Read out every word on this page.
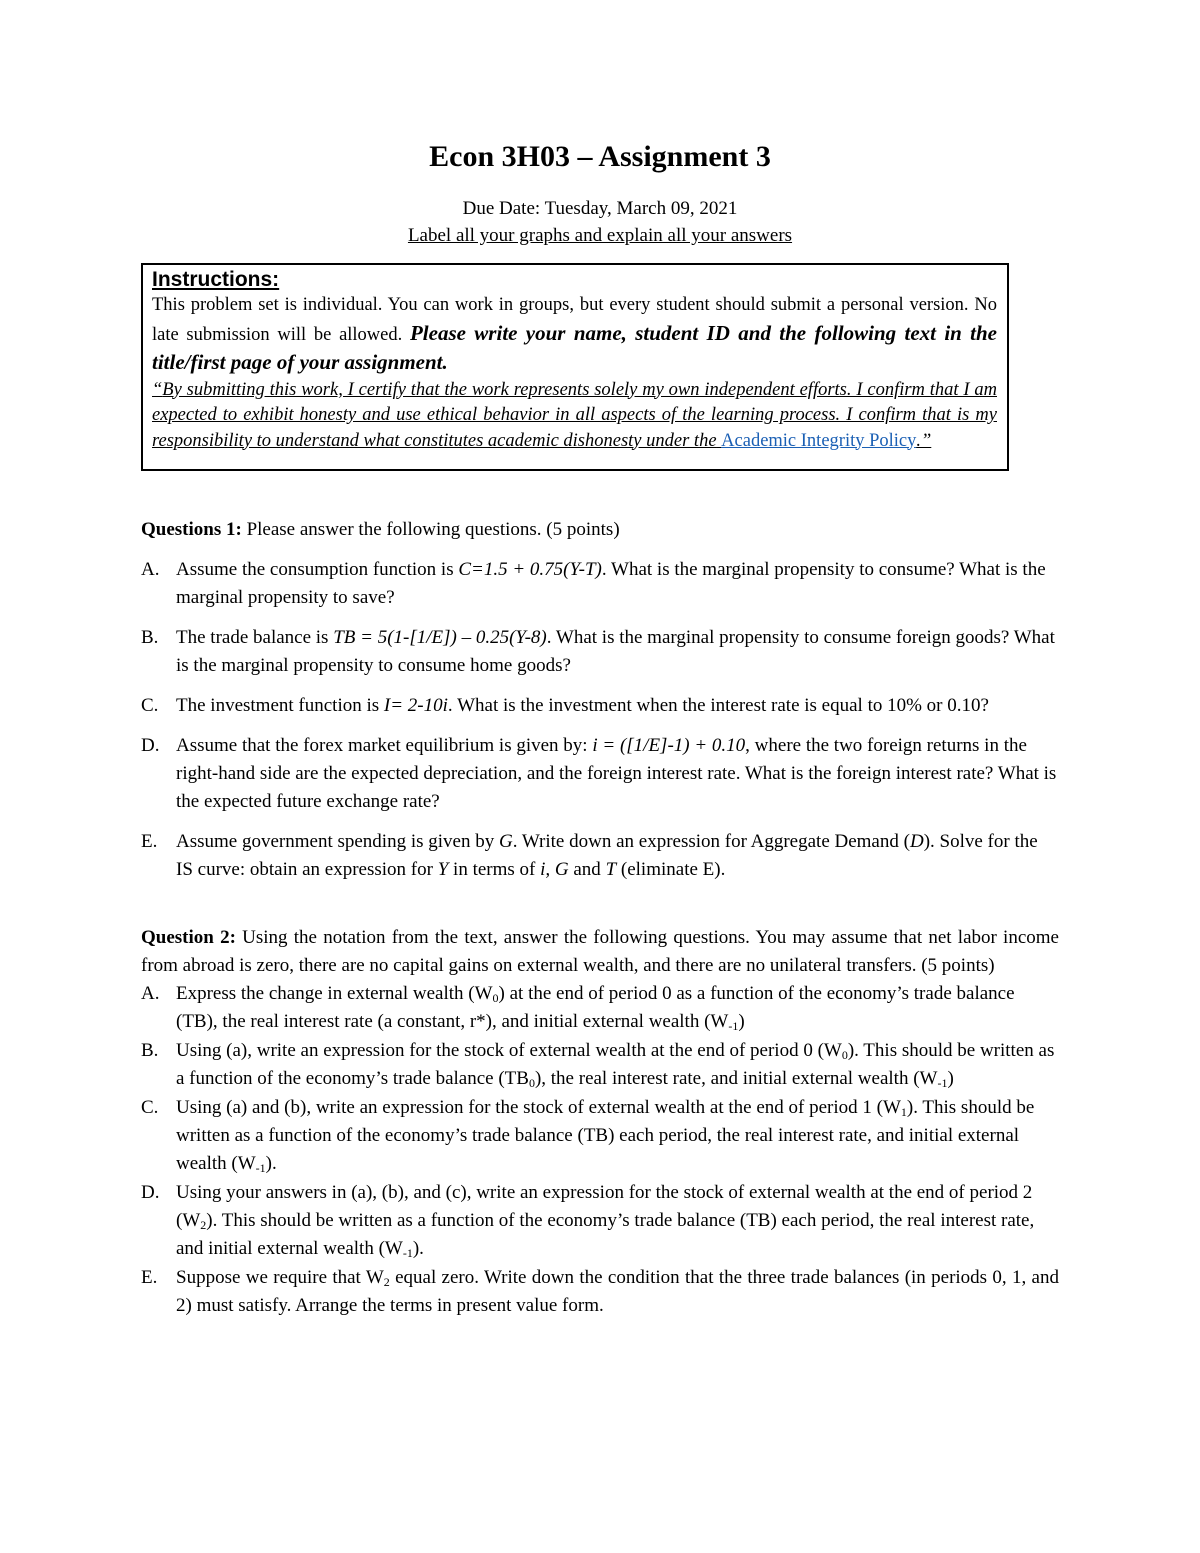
Econ 3H03 – Assignment 3
Due Date: Tuesday, March 09, 2021
Label all your graphs and explain all your answers
Instructions:
This problem set is individual. You can work in groups, but every student should submit a personal version. No late submission will be allowed. Please write your name, student ID and the following text in the title/first page of your assignment.
“By submitting this work, I certify that the work represents solely my own independent efforts. I confirm that I am expected to exhibit honesty and use ethical behavior in all aspects of the learning process. I confirm that is my responsibility to understand what constitutes academic dishonesty under the Academic Integrity Policy.”
Questions 1: Please answer the following questions. (5 points)
A. Assume the consumption function is C=1.5 + 0.75(Y-T). What is the marginal propensity to consume? What is the marginal propensity to save?
B. The trade balance is TB = 5(1-[1/E]) – 0.25(Y-8). What is the marginal propensity to consume foreign goods? What is the marginal propensity to consume home goods?
C. The investment function is I= 2-10i. What is the investment when the interest rate is equal to 10% or 0.10?
D. Assume that the forex market equilibrium is given by: i = ([1/E]-1) + 0.10, where the two foreign returns in the right-hand side are the expected depreciation, and the foreign interest rate. What is the foreign interest rate? What is the expected future exchange rate?
E. Assume government spending is given by G. Write down an expression for Aggregate Demand (D). Solve for the IS curve: obtain an expression for Y in terms of i, G and T (eliminate E).
Question 2: Using the notation from the text, answer the following questions. You may assume that net labor income from abroad is zero, there are no capital gains on external wealth, and there are no unilateral transfers. (5 points)
A. Express the change in external wealth $(W_0)$ at the end of period 0 as a function of the economy’s trade balance (TB), the real interest rate (a constant, r*), and initial external wealth $(W_{-1})$
B. Using (a), write an expression for the stock of external wealth at the end of period 0 $(W_0)$. This should be written as a function of the economy’s trade balance $(TB_0)$, the real interest rate, and initial external wealth $(W_{-1})$
C. Using (a) and (b), write an expression for the stock of external wealth at the end of period 1 $(W_1)$. This should be written as a function of the economy’s trade balance (TB) each period, the real interest rate, and initial external wealth $(W_{-1})$.
D. Using your answers in (a), (b), and (c), write an expression for the stock of external wealth at the end of period 2 $(W_2)$. This should be written as a function of the economy’s trade balance (TB) each period, the real interest rate, and initial external wealth $(W_{-1})$.
E. Suppose we require that $W_2$ equal zero. Write down the condition that the three trade balances (in periods 0, 1, and 2) must satisfy. Arrange the terms in present value form.
